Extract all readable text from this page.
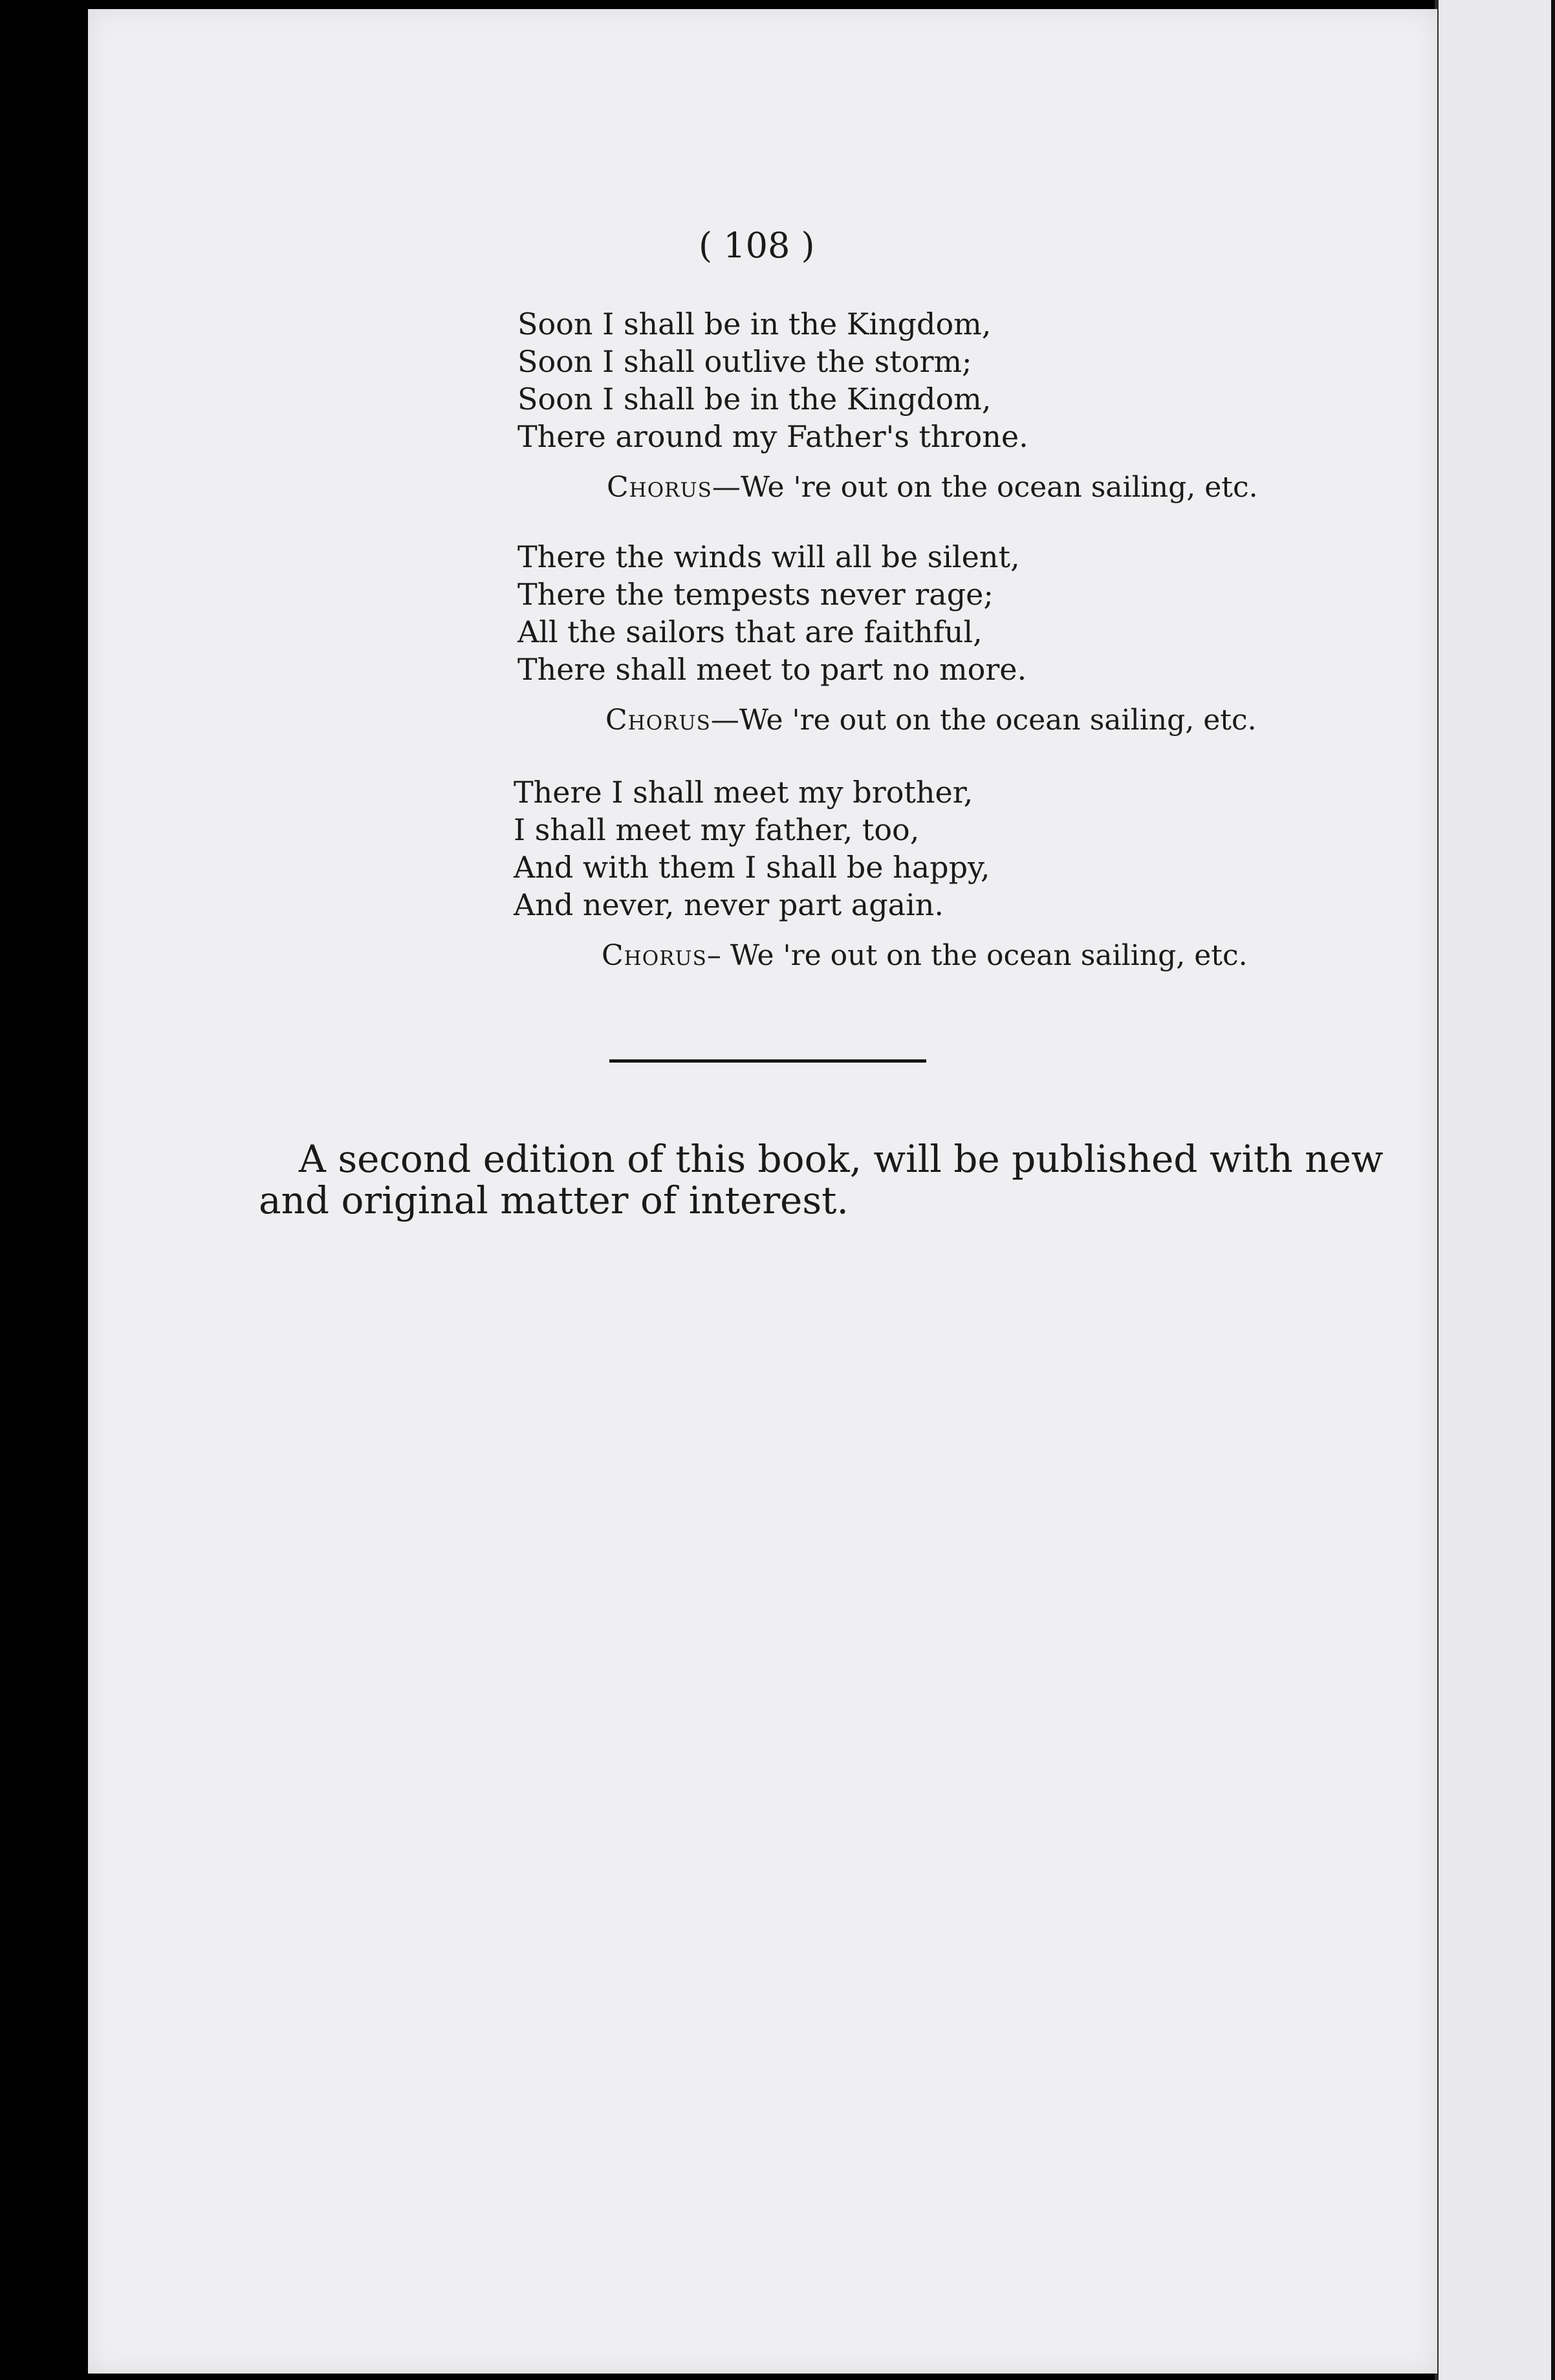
( 108 )
Soon I shall be in the Kingdom,
Soon I shall outlive the storm;
Soon I shall be in the Kingdom,
There around my Father's throne.
Chorus—We 're out on the ocean sailing, etc.
There the winds will all be silent,
There the tempests never rage;
All the sailors that are faithful,
There shall meet to part no more.
Chorus—We 're out on the ocean sailing, etc.
There I shall meet my brother,
I shall meet my father, too,
And with them I shall be happy,
And never, never part again.
Chorus– We 're out on the ocean sailing, etc.
A second edition of this book, will be published with new
and original matter of interest.
